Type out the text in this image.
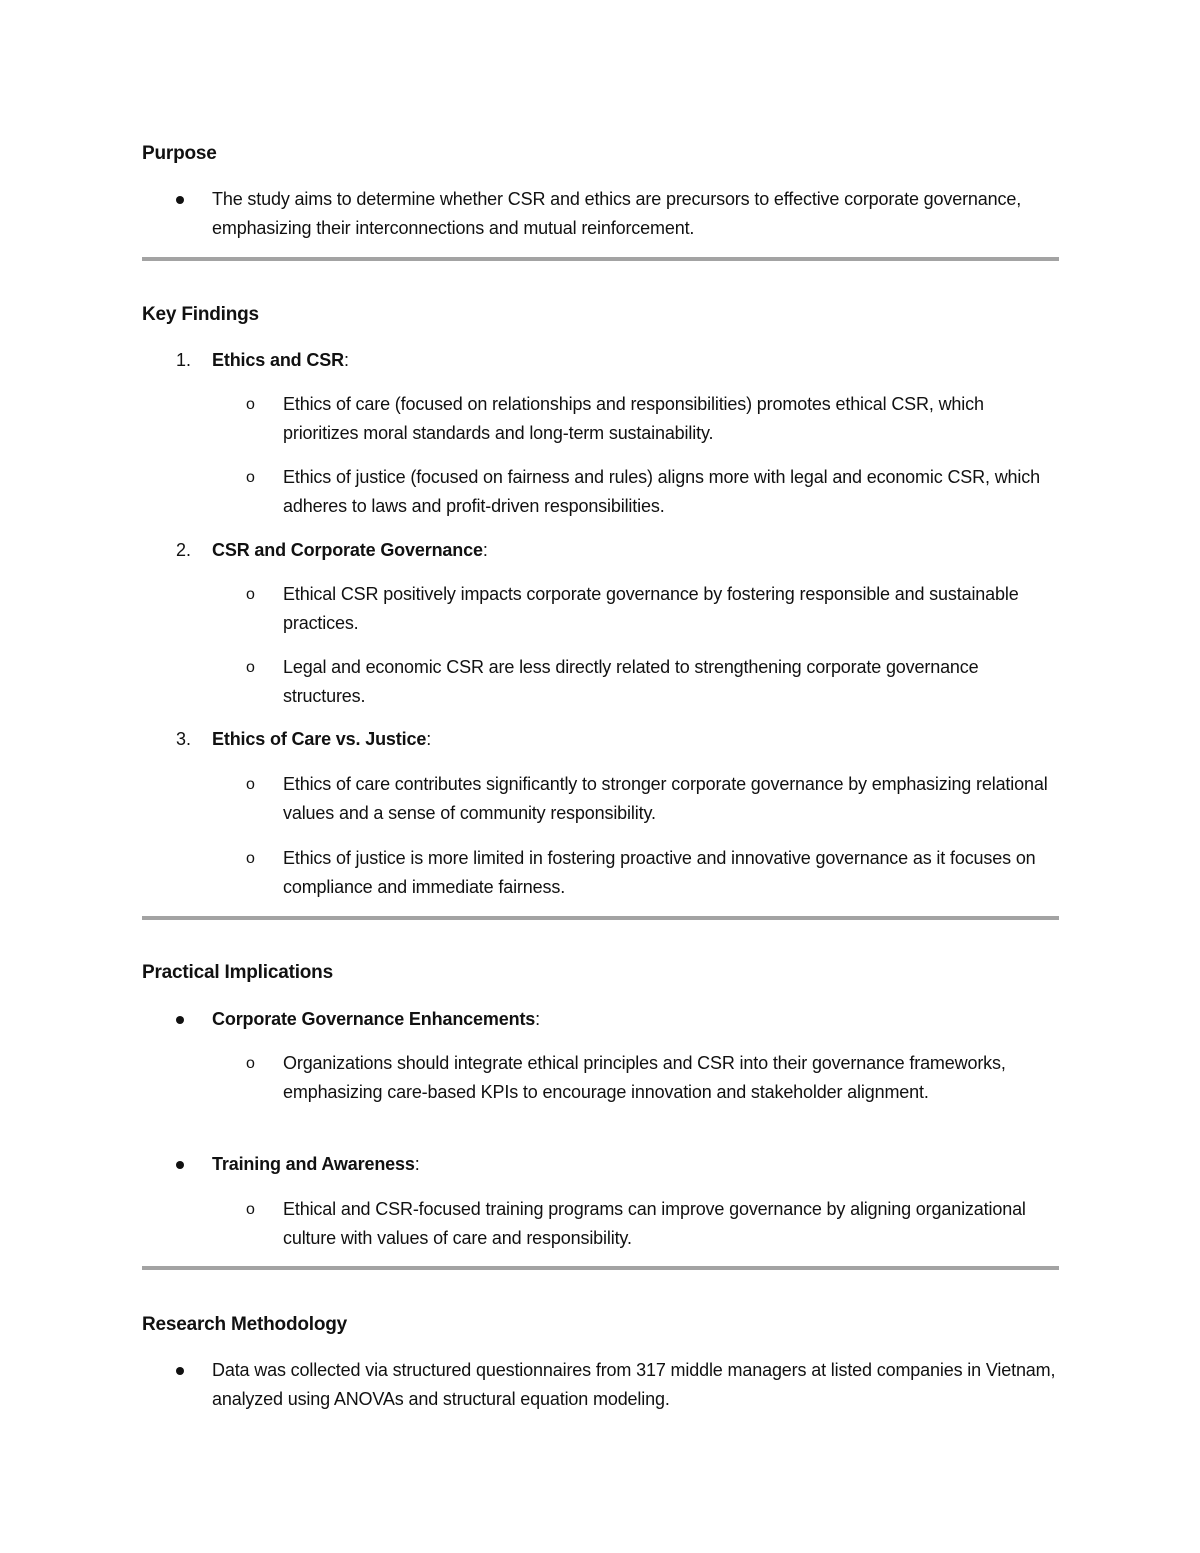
Purpose
The study aims to determine whether CSR and ethics are precursors to effective corporate governance, emphasizing their interconnections and mutual reinforcement.
Key Findings
1. Ethics and CSR:
o Ethics of care (focused on relationships and responsibilities) promotes ethical CSR, which prioritizes moral standards and long-term sustainability.
o Ethics of justice (focused on fairness and rules) aligns more with legal and economic CSR, which adheres to laws and profit-driven responsibilities.
2. CSR and Corporate Governance:
o Ethical CSR positively impacts corporate governance by fostering responsible and sustainable practices.
o Legal and economic CSR are less directly related to strengthening corporate governance structures.
3. Ethics of Care vs. Justice:
o Ethics of care contributes significantly to stronger corporate governance by emphasizing relational values and a sense of community responsibility.
o Ethics of justice is more limited in fostering proactive and innovative governance as it focuses on compliance and immediate fairness.
Practical Implications
Corporate Governance Enhancements:
o Organizations should integrate ethical principles and CSR into their governance frameworks, emphasizing care-based KPIs to encourage innovation and stakeholder alignment.
Training and Awareness:
o Ethical and CSR-focused training programs can improve governance by aligning organizational culture with values of care and responsibility.
Research Methodology
Data was collected via structured questionnaires from 317 middle managers at listed companies in Vietnam, analyzed using ANOVAs and structural equation modeling.
